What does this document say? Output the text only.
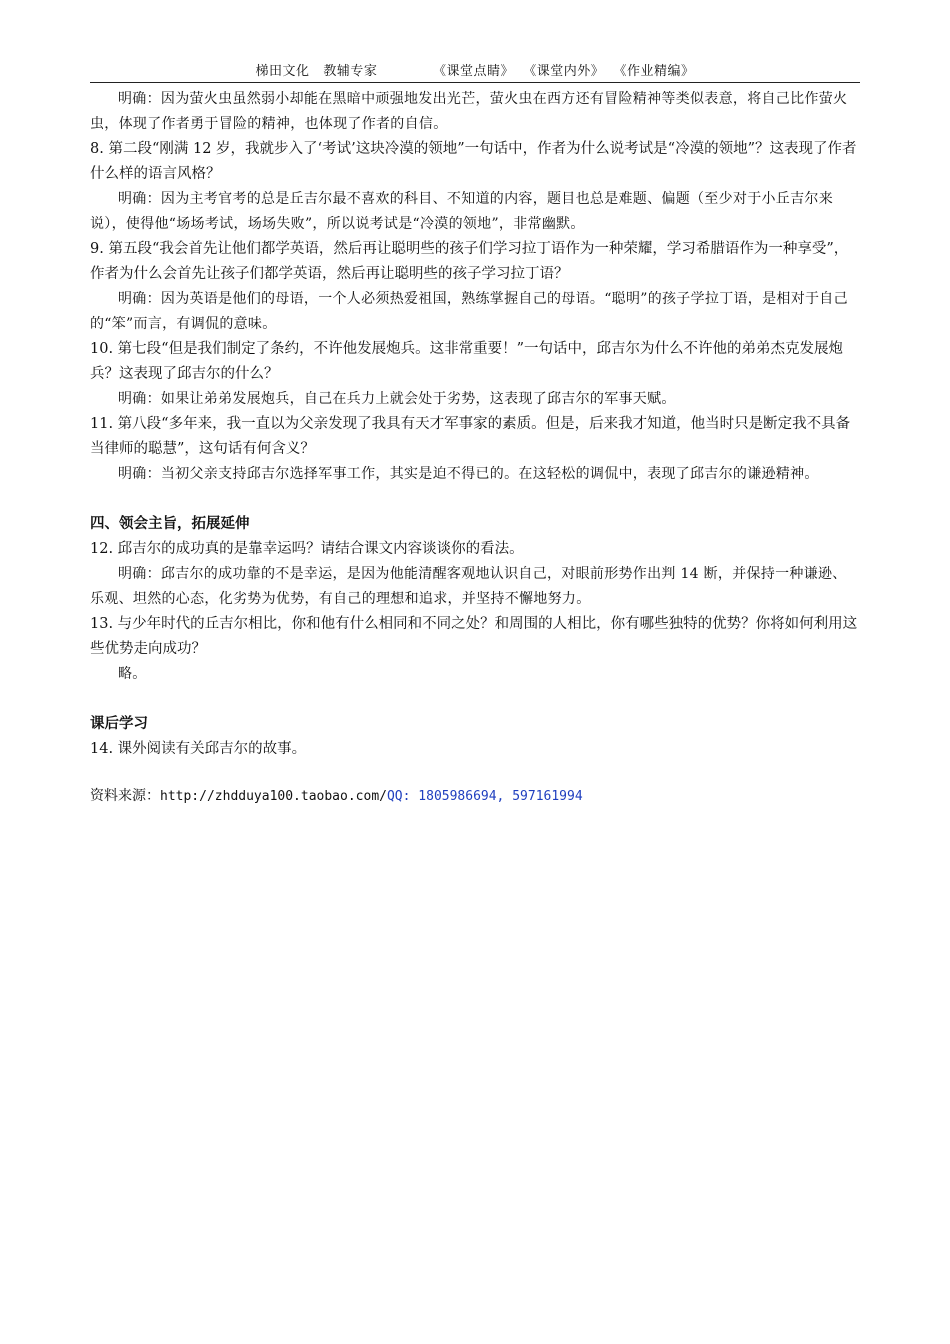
梯田文化   教辅专家	《课堂点睛》  《课堂内外》  《作业精编》

明确：因为萤火虫虽然弱小却能在黑暗中顽强地发出光芒，萤火虫在西方还有冒险精神等类似表意，将自己比作萤火虫，体现了作者勇于冒险的精神，也体现了作者的自信。

8. 第二段“刚满 12 岁，我就步入了‘考试’这块冷漠的领地”一句话中，作者为什么说考试是“冷漠的领地”？这表现了作者什么样的语言风格？

明确：因为主考官考的总是丘吉尔最不喜欢的科目、不知道的内容，题目也总是难题、偏题（至少对于小丘吉尔来说），使得他“场场考试，场场失败”，所以说考试是“冷漠的领地”，非常幽默。

9. 第五段“我会首先让他们都学英语，然后再让聪明些的孩子们学习拉丁语作为一种荣耀，学习希腊语作为一种享受”，作者为什么会首先让孩子们都学英语，然后再让聪明些的孩子学习拉丁语？

明确：因为英语是他们的母语，一个人必须热爱祖国，熟练掌握自己的母语。“聪明”的孩子学拉丁语，是相对于自己的“笨”而言，有调侃的意味。

10. 第七段“但是我们制定了条约，不许他发展炮兵。这非常重要！”一句话中，邱吉尔为什么不许他的弟弟杰克发展炮兵？这表现了邱吉尔的什么？

明确：如果让弟弟发展炮兵，自己在兵力上就会处于劣势，这表现了邱吉尔的军事天赋。

11. 第八段“多年来，我一直以为父亲发现了我具有天才军事家的素质。但是，后来我才知道，他当时只是断定我不具备当律师的聪慧”，这句话有何含义？

明确：当初父亲支持邱吉尔选择军事工作，其实是迫不得已的。在这轻松的调侃中，表现了邱吉尔的谦逊精神。

四、领会主旨，拓展延伸

12. 邱吉尔的成功真的是靠幸运吗？请结合课文内容谈谈你的看法。

明确：邱吉尔的成功靠的不是幸运，是因为他能清醒客观地认识自己，对眼前形势作出判 14 断，并保持一种谦逊、乐观、坦然的心态，化劣势为优势，有自己的理想和追求，并坚持不懈地努力。

13. 与少年时代的丘吉尔相比，你和他有什么相同和不同之处？和周围的人相比，你有哪些独特的优势？你将如何利用这些优势走向成功？

略。

课后学习

14. 课外阅读有关邱吉尔的故事。

资料来源：http://zhdduya100.taobao.com/QQ: 1805986694, 597161994
